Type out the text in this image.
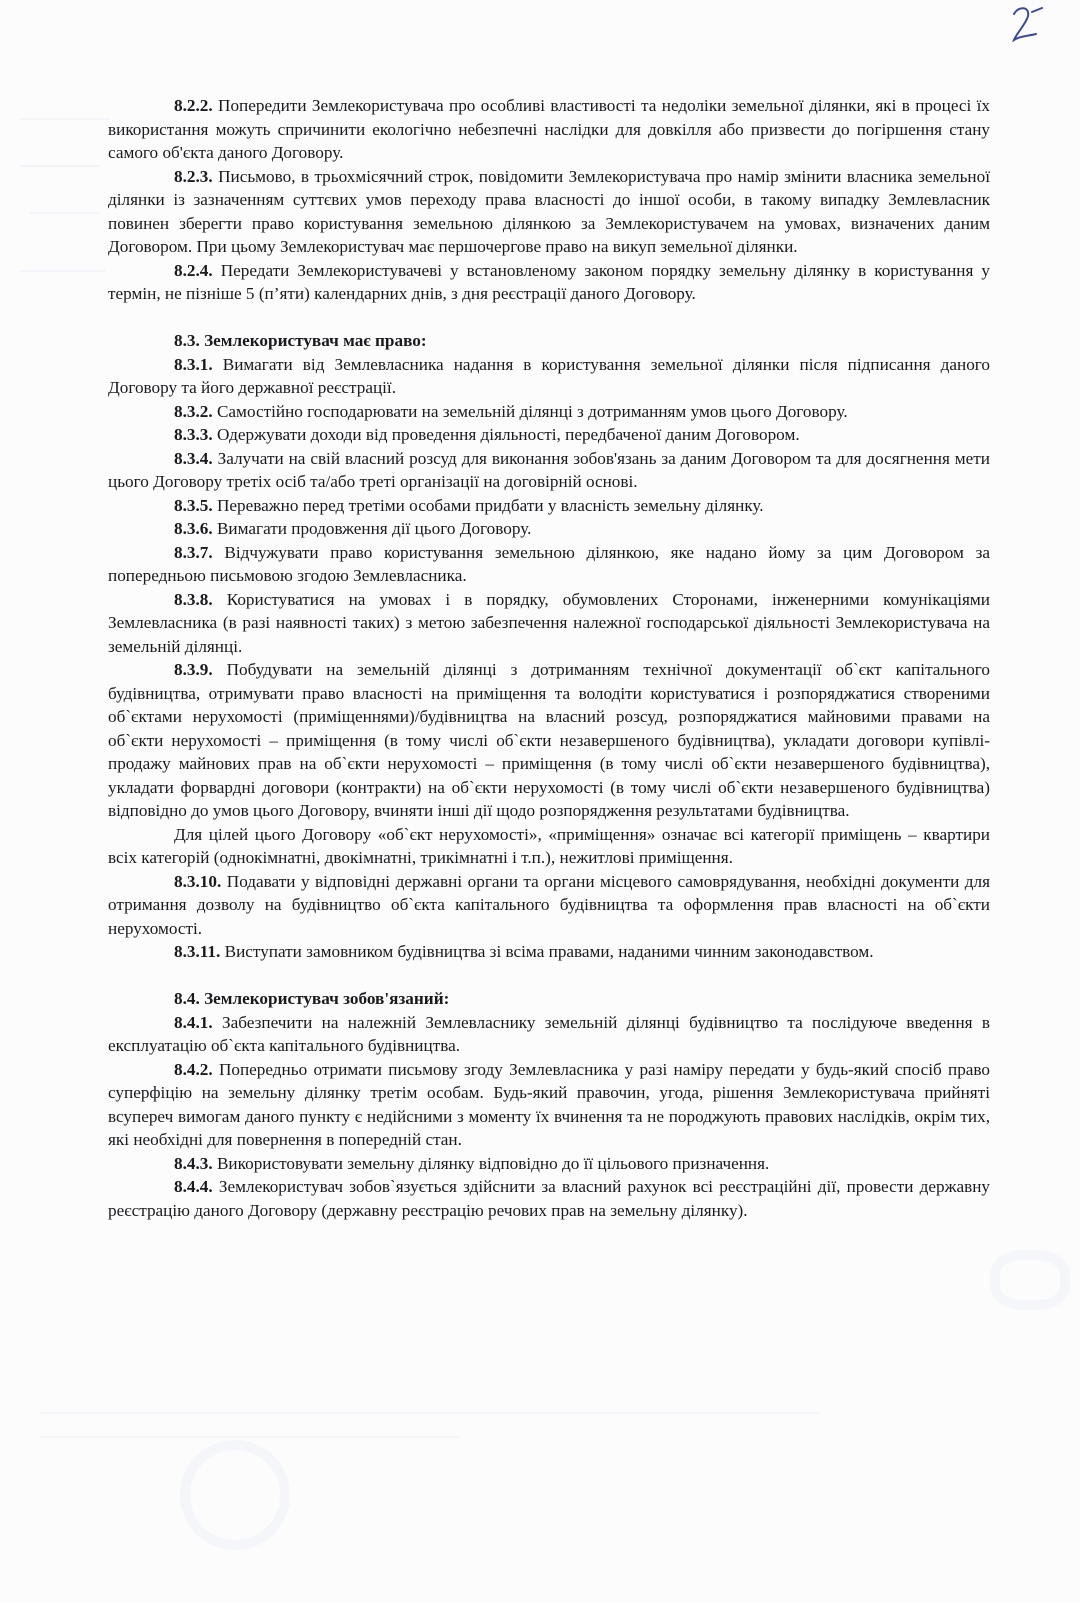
8.2.2. Попередити Землекористувача про особливі властивості та недоліки земельної ділянки, які в процесі їх використання можуть спричинити екологічно небезпечні наслідки для довкілля або призвести до погіршення стану самого об'єкта даного Договору.

8.2.3. Письмово, в трьохмісячний строк, повідомити Землекористувача про намір змінити власника земельної ділянки із зазначенням суттєвих умов переходу права власності до іншої особи, в такому випадку Землевласник повинен зберегти право користування земельною ділянкою за Землекористувачем на умовах, визначених даним Договором. При цьому Землекористувач має першочергове право на викуп земельної ділянки.

8.2.4. Передати Землекористувачеві у встановленому законом порядку земельну ділянку в користування у термін, не пізніше 5 (п’яти) календарних днів, з дня реєстрації даного Договору.

8.3. Землекористувач має право:

8.3.1. Вимагати від Землевласника надання в користування земельної ділянки після підписання даного Договору та його державної реєстрації.

8.3.2. Самостійно господарювати на земельній ділянці з дотриманням умов цього Договору.

8.3.3. Одержувати доходи від проведення діяльності, передбаченої даним Договором.

8.3.4. Залучати на свій власний розсуд для виконання зобов'язань за даним Договором та для досягнення мети цього Договору третіх осіб та/або треті організації на договірній основі.

8.3.5. Переважно перед третіми особами придбати у власність земельну ділянку.

8.3.6. Вимагати продовження дії цього Договору.

8.3.7. Відчужувати право користування земельною ділянкою, яке надано йому за цим Договором за попередньою письмовою згодою Землевласника.

8.3.8. Користуватися на умовах і в порядку, обумовлених Сторонами, інженерними комунікаціями Землевласника (в разі наявності таких) з метою забезпечення належної господарської діяльності Землекористувача на земельній ділянці.

8.3.9. Побудувати на земельній ділянці з дотриманням технічної документації об`єкт капітального будівництва, отримувати право власності на приміщення та володіти користуватися і розпоряджатися створеними об`єктами нерухомості (приміщеннями)/будівництва на власний розсуд, розпоряджатися майновими правами на об`єкти нерухомості – приміщення (в тому числі об`єкти незавершеного будівництва), укладати договори купівлі-продажу майнових прав на об`єкти нерухомості – приміщення (в тому числі об`єкти незавершеного будівництва), укладати форвардні договори (контракти) на об`єкти нерухомості (в тому числі об`єкти незавершеного будівництва) відповідно до умов цього Договору, вчиняти інші дії щодо розпорядження результатами будівництва.

Для цілей цього Договору «об`єкт нерухомості», «приміщення» означає всі категорії приміщень – квартири всіх категорій (однокімнатні, двокімнатні, трикімнатні і т.п.), нежитлові приміщення.

8.3.10. Подавати у відповідні державні органи та органи місцевого самоврядування, необхідні документи для отримання дозволу на будівництво об`єкта капітального будівництва та оформлення прав власності на об`єкти нерухомості.

8.3.11. Виступати замовником будівництва зі всіма правами, наданими чинним законодавством.

8.4. Землекористувач зобов'язаний:

8.4.1. Забезпечити на належній Землевласнику земельній ділянці будівництво та послідуюче введення в експлуатацію об`єкта капітального будівництва.

8.4.2. Попередньо отримати письмову згоду Землевласника у разі наміру передати у будь-який спосіб право суперфіцію на земельну ділянку третім особам. Будь-який правочин, угода, рішення Землекористувача прийняті всупереч вимогам даного пункту є недійсними з моменту їх вчинення та не породжують правових наслідків, окрім тих, які необхідні для повернення в попередній стан.

8.4.3. Використовувати земельну ділянку відповідно до її цільового призначення.

8.4.4. Землекористувач зобов`язується здійснити за власний рахунок всі реєстраційні дії, провести державну реєстрацію даного Договору (державну реєстрацію речових прав на земельну ділянку).
